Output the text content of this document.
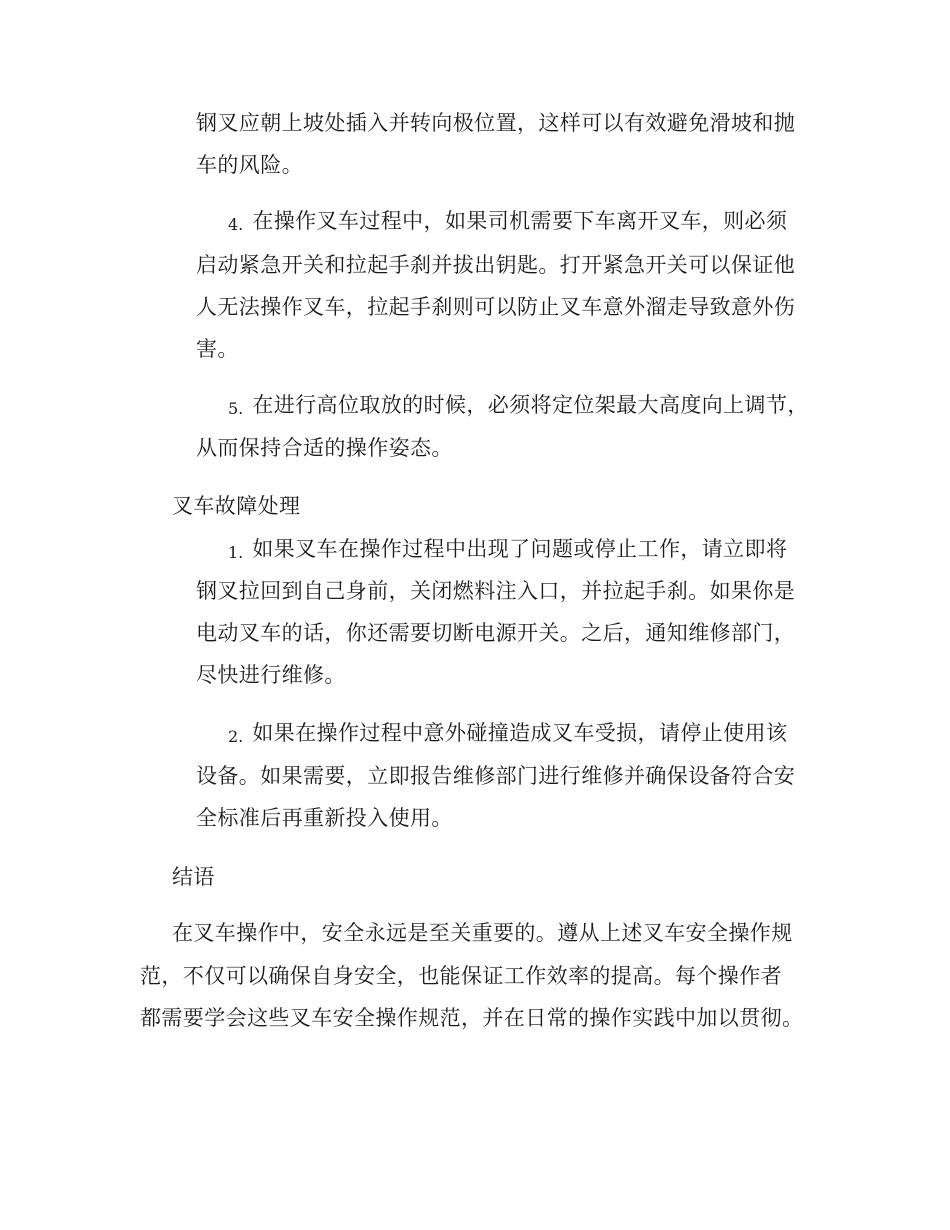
钢叉应朝上坡处插入并转向极位置，这样可以有效避免滑坡和抛
车的风险。
4. 在操作叉车过程中，如果司机需要下车离开叉车，则必须
启动紧急开关和拉起手刹并拔出钥匙。打开紧急开关可以保证他
人无法操作叉车，拉起手刹则可以防止叉车意外溜走导致意外伤
害。
5. 在进行高位取放的时候，必须将定位架最大高度向上调节，
从而保持合适的操作姿态。
叉车故障处理
1. 如果叉车在操作过程中出现了问题或停止工作，请立即将
钢叉拉回到自己身前，关闭燃料注入口，并拉起手刹。如果你是
电动叉车的话，你还需要切断电源开关。之后，通知维修部门，
尽快进行维修。
2. 如果在操作过程中意外碰撞造成叉车受损，请停止使用该
设备。如果需要，立即报告维修部门进行维修并确保设备符合安
全标准后再重新投入使用。
结语
在叉车操作中，安全永远是至关重要的。遵从上述叉车安全操作规
范，不仅可以确保自身安全，也能保证工作效率的提高。每个操作者
都需要学会这些叉车安全操作规范，并在日常的操作实践中加以贯彻。
